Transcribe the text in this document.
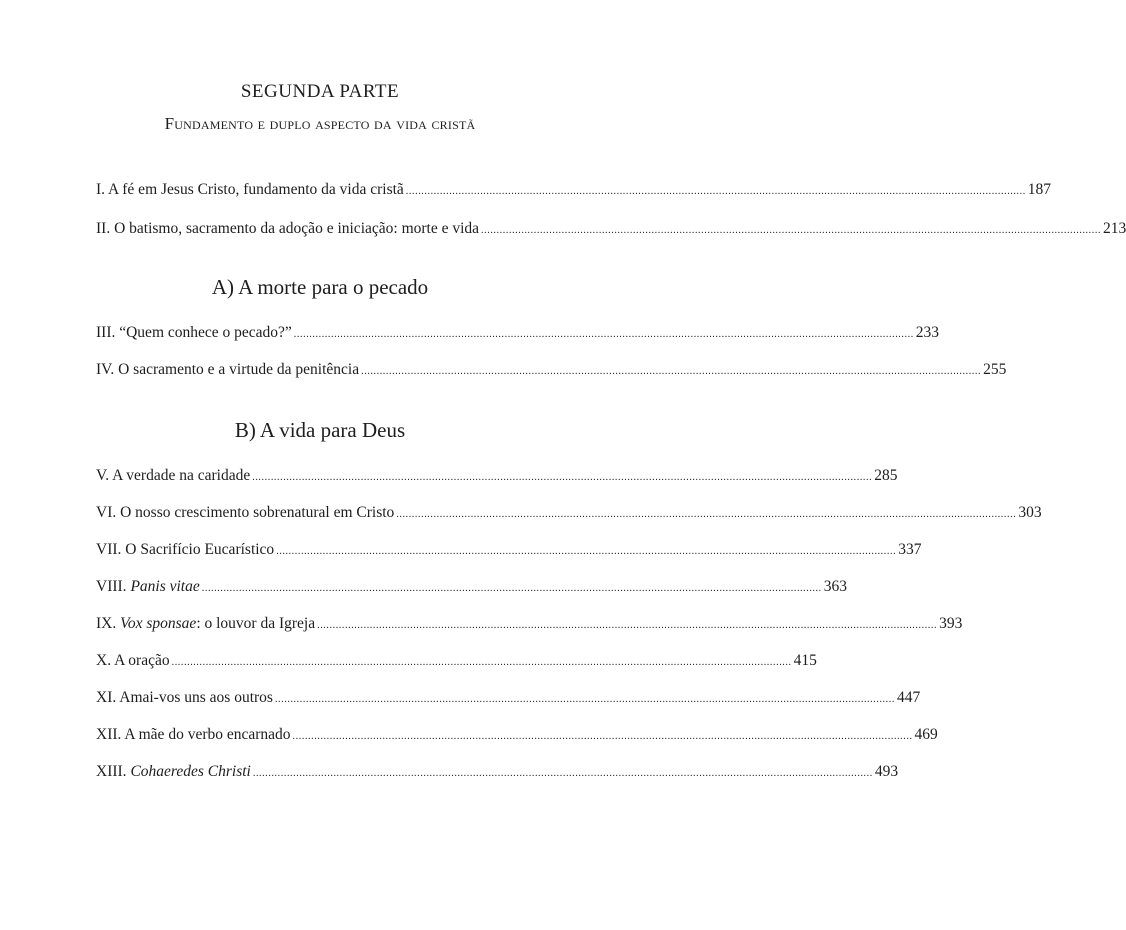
SEGUNDA PARTE
Fundamento e duplo aspecto da vida cristã
I. A fé em Jesus Cristo, fundamento da vida cristã ........................................................................................................................................................................................................ 187
II. O batismo, sacramento da adoção e iniciação: morte e vida ........................................................................................................................................................................................................ 213
A) A morte para o pecado
III. “Quem conhece o pecado?” ........................................................................................................................................................................................................ 233
IV. O sacramento e a virtude da penitência ........................................................................................................................................................................................................ 255
B) A vida para Deus
V. A verdade na caridade ........................................................................................................................................................................................................ 285
VI. O nosso crescimento sobrenatural em Cristo ........................................................................................................................................................................................................ 303
VII. O Sacrifício Eucarístico ........................................................................................................................................................................................................ 337
VIII. Panis vitae ........................................................................................................................................................................................................ 363
IX. Vox sponsae: o louvor da Igreja ........................................................................................................................................................................................................ 393
X. A oração ........................................................................................................................................................................................................ 415
XI. Amai-vos uns aos outros ........................................................................................................................................................................................................ 447
XII. A mãe do verbo encarnado ........................................................................................................................................................................................................ 469
XIII. Cohaeredes Christi ........................................................................................................................................................................................................ 493
